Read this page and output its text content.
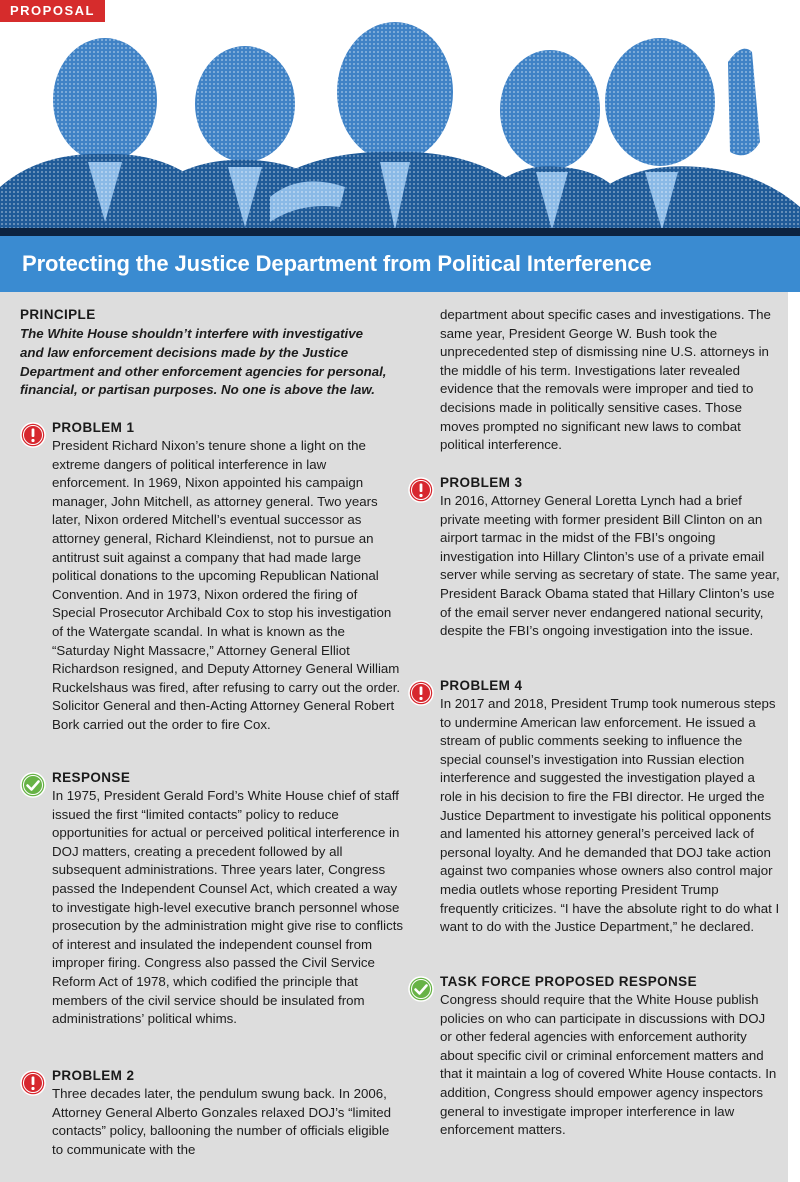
PROPOSAL
Protecting the Justice Department from Political Interference
PRINCIPLE
The White House shouldn’t interfere with investigative and law enforcement decisions made by the Justice Department and other enforcement agencies for personal, financial, or partisan purposes. No one is above the law.
PROBLEM 1
President Richard Nixon’s tenure shone a light on the extreme dangers of political interference in law enforcement. In 1969, Nixon appointed his campaign manager, John Mitchell, as attorney general. Two years later, Nixon ordered Mitchell’s eventual successor as attorney general, Richard Kleindienst, not to pursue an antitrust suit against a company that had made large political donations to the upcoming Republican National Convention. And in 1973, Nixon ordered the firing of Special Prosecutor Archibald Cox to stop his investigation of the Watergate scandal. In what is known as the “Saturday Night Massacre,” Attorney General Elliot Richardson resigned, and Deputy Attorney General William Ruckelshaus was fired, after refusing to carry out the order. Solicitor General and then-Acting Attorney General Robert Bork carried out the order to fire Cox.
RESPONSE
In 1975, President Gerald Ford’s White House chief of staff issued the first “limited contacts” policy to reduce opportunities for actual or perceived political interference in DOJ matters, creating a precedent followed by all subsequent administrations. Three years later, Congress passed the Independent Counsel Act, which created a way to investigate high-level executive branch personnel whose prosecution by the administration might give rise to conflicts of interest and insulated the independent counsel from improper firing. Congress also passed the Civil Service Reform Act of 1978, which codified the principle that members of the civil service should be insulated from administrations’ political whims.
PROBLEM 2
Three decades later, the pendulum swung back. In 2006, Attorney General Alberto Gonzales relaxed DOJ’s “limited contacts” policy, ballooning the number of officials eligible to communicate with the
department about specific cases and investigations. The same year, President George W. Bush took the unprecedented step of dismissing nine U.S. attorneys in the middle of his term. Investigations later revealed evidence that the removals were improper and tied to decisions made in politically sensitive cases. Those moves prompted no significant new laws to combat political interference.
PROBLEM 3
In 2016, Attorney General Loretta Lynch had a brief private meeting with former president Bill Clinton on an airport tarmac in the midst of the FBI’s ongoing investigation into Hillary Clinton’s use of a private email server while serving as secretary of state. The same year, President Barack Obama stated that Hillary Clinton’s use of the email server never endangered national security, despite the FBI’s ongoing investigation into the issue.
PROBLEM 4
In 2017 and 2018, President Trump took numerous steps to undermine American law enforcement. He issued a stream of public comments seeking to influence the special counsel’s investigation into Russian election interference and suggested the investigation played a role in his decision to fire the FBI director. He urged the Justice Department to investigate his political opponents and lamented his attorney general’s perceived lack of personal loyalty. And he demanded that DOJ take action against two companies whose owners also control major media outlets whose reporting President Trump frequently criticizes. “I have the absolute right to do what I want to do with the Justice Department,” he declared.
TASK FORCE PROPOSED RESPONSE
Congress should require that the White House publish policies on who can participate in discussions with DOJ or other federal agencies with enforcement authority about specific civil or criminal enforcement matters and that it maintain a log of covered White House contacts. In addition, Congress should empower agency inspectors general to investigate improper interference in law enforcement matters.
